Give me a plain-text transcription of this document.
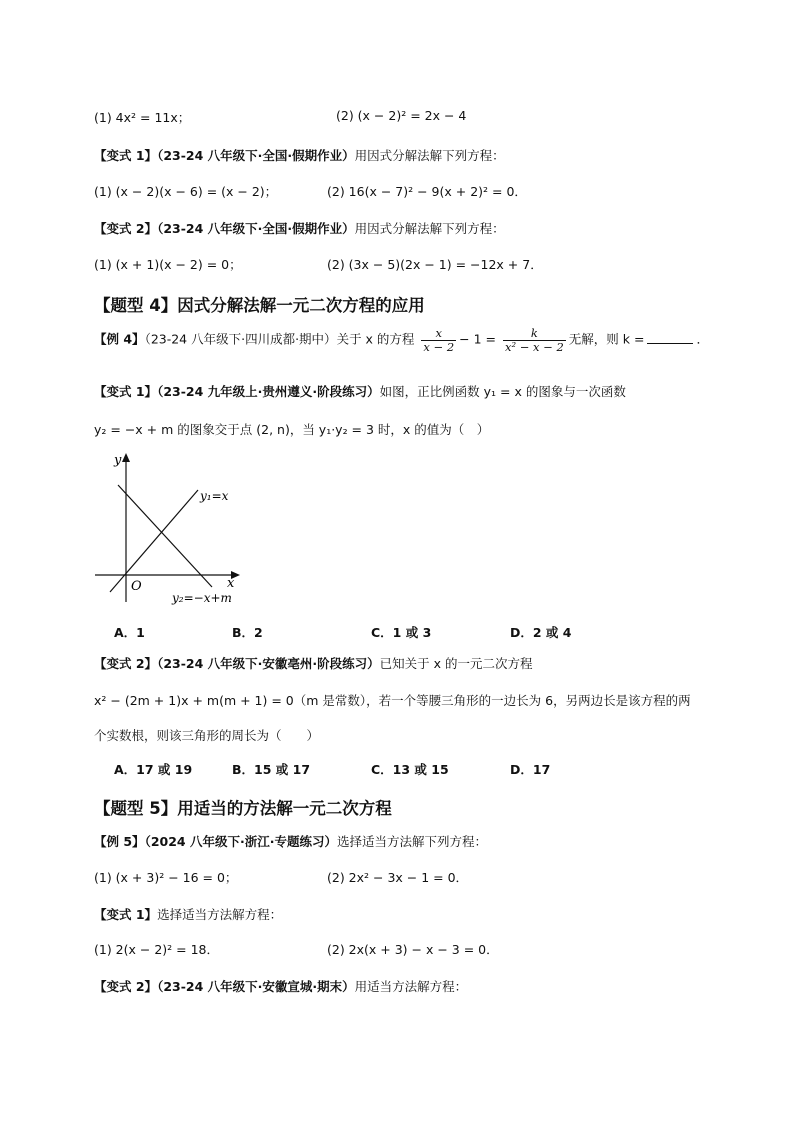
(1) 4x² = 11x；	(2) (x − 2)² = 2x − 4
【变式 1】（23-24 八年级下·全国·假期作业）用因式分解法解下列方程：
(1) (x − 2)(x − 6) = (x − 2)；	(2) 16(x − 7)² − 9(x + 2)² = 0．
【变式 2】（23-24 八年级下·全国·假期作业）用因式分解法解下列方程：
(1) (x + 1)(x − 2) = 0；	(2) (3x − 5)(2x − 1) = −12x + 7．
【题型 4】因式分解法解一元二次方程的应用
【例 4】（23-24 八年级下·四川成都·期中）关于 x 的方程 $\frac{x}{x - 2} - 1 = \frac{k}{\text{x² − x − 2}}$ 无解，则 k =	．
【变式 1】（23-24 九年级上·贵州遵义·阶段练习）如图，正比例函数 y₁ = x 的图象与一次函数
y₂ = −x + m 的图象交于点 (2, n)，当 y₁·y₂ = 3 时，x 的值为（　）
y
x
O
y₁=x
y₂=−x+m
A．1	B．2	C．1 或 3	D．2 或 4
【变式 2】（23-24 八年级下·安徽亳州·阶段练习）已知关于 x 的一元二次方程
x² − (2m + 1)x + m(m + 1) = 0（m 是常数），若一个等腰三角形的一边长为 6，另两边长是该方程的两
个实数根，则该三角形的周长为（　　）
A．17 或 19	B．15 或 17	C．13 或 15	D．17
【题型 5】用适当的方法解一元二次方程
【例 5】（2024 八年级下·浙江·专题练习）选择适当方法解下列方程：
(1) (x + 3)² − 16 = 0；	(2) 2x² − 3x − 1 = 0．
【变式 1】选择适当方法解方程：
(1) 2(x − 2)² = 18．	(2) 2x(x + 3) − x − 3 = 0．
【变式 2】（23-24 八年级下·安徽宣城·期末）用适当方法解方程：
